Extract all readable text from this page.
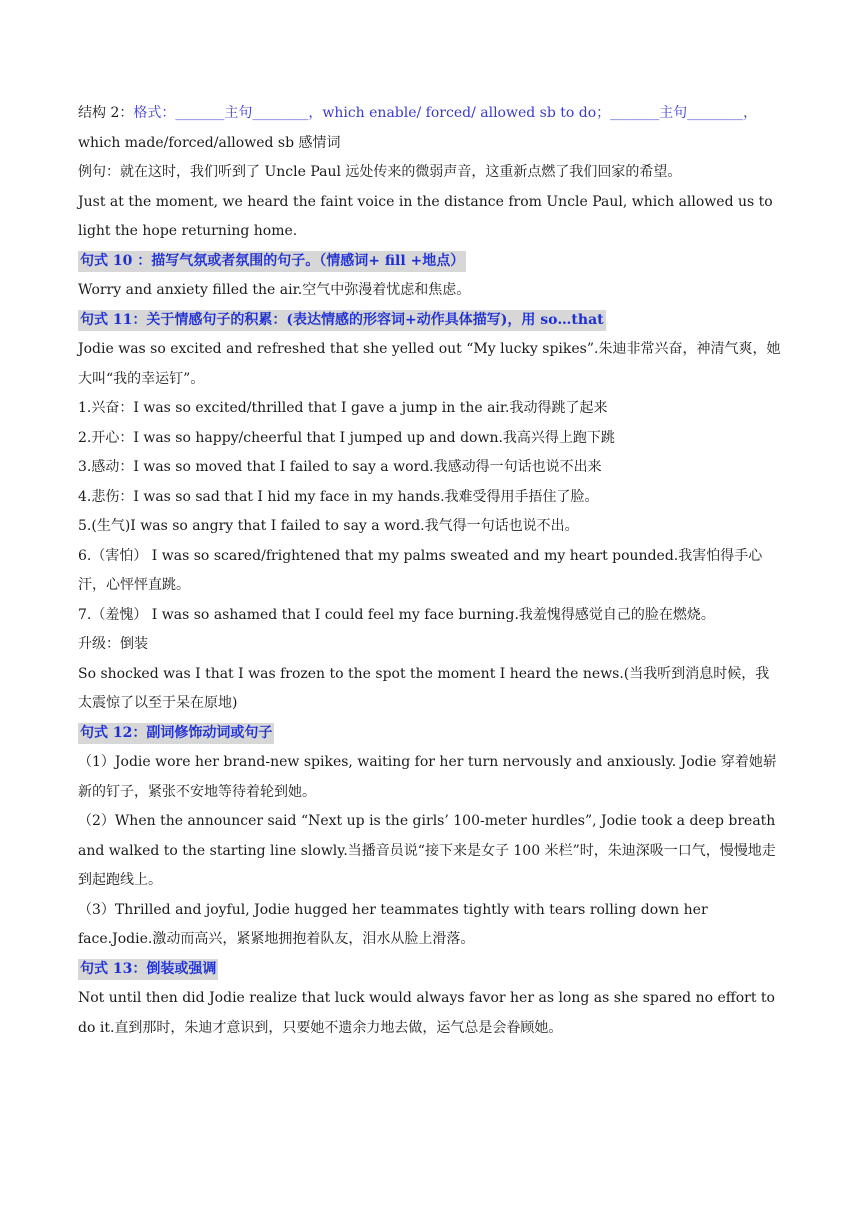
结构 2：格式：_______主句________，which enable/ forced/ allowed sb to do；_______主句________，
which made/forced/allowed sb 感情词
例句：就在这时，我们听到了 Uncle Paul 远处传来的微弱声音，这重新点燃了我们回家的希望。
Just at the moment, we heard the faint voice in the distance from Uncle Paul, which allowed us to light the hope returning home.
句式 10 ：描写气氛或者氛围的句子。（情感词+ fill +地点）
Worry and anxiety filled the air.空气中弥漫着忧虑和焦虑。
句式 11：关于情感句子的积累：(表达情感的形容词+动作具体描写)，用 so…that
Jodie was so excited and refreshed that she yelled out “My lucky spikes”.朱迪非常兴奋，神清气爽，她大叫“我的幸运钉”。
1.兴奋：I was so excited/thrilled that I gave a jump in the air.我动得跳了起来
2.开心：I was so happy/cheerful that I jumped up and down.我高兴得上跑下跳
3.感动：I was so moved that I failed to say a word.我感动得一句话也说不出来
4.悲伤：I was so sad that I hid my face in my hands.我难受得用手捂住了脸。
5.(生气)I was so angry that I failed to say a word.我气得一句话也说不出。
6.（害怕） I was so scared/frightened that my palms sweated and my heart pounded.我害怕得手心汗，心怦怦直跳。
7.（羞愧） I was so ashamed that I could feel my face burning.我羞愧得感觉自己的脸在燃烧。
升级：倒装
So shocked was I that I was frozen to the spot the moment I heard the news.(当我听到消息时候，我太震惊了以至于呆在原地)
句式 12：副词修饰动词或句子
（1）Jodie wore her brand-new spikes, waiting for her turn nervously and anxiously. Jodie 穿着她崭新的钉子，紧张不安地等待着轮到她。
（2）When the announcer said “Next up is the girls’ 100-meter hurdles”, Jodie took a deep breath and walked to the starting line slowly.当播音员说“接下来是女子 100 米栏”时，朱迪深吸一口气，慢慢地走到起跑线上。
（3）Thrilled and joyful, Jodie hugged her teammates tightly with tears rolling down her face.Jodie.激动而高兴，紧紧地拥抱着队友，泪水从脸上滑落。
句式 13：倒装或强调
Not until then did Jodie realize that luck would always favor her as long as she spared no effort to do it.直到那时，朱迪才意识到，只要她不遗余力地去做，运气总是会眷顾她。
